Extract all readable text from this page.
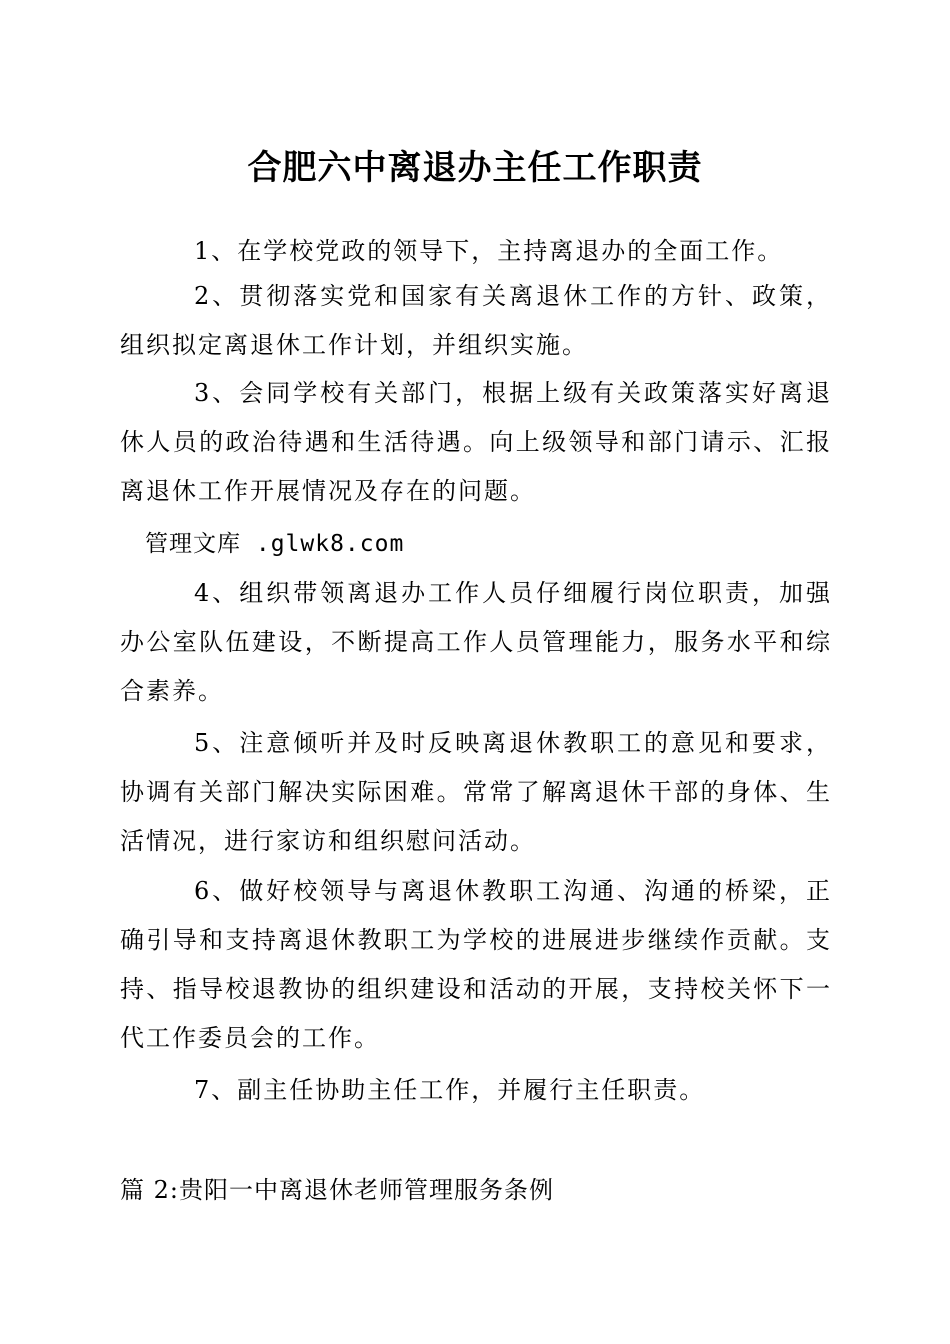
合肥六中离退办主任工作职责
1、在学校党政的领导下，主持离退办的全面工作。
2、贯彻落实党和国家有关离退休工作的方针、政策，组织拟定离退休工作计划，并组织实施。
3、会同学校有关部门，根据上级有关政策落实好离退休人员的政治待遇和生活待遇。向上级领导和部门请示、汇报离退休工作开展情况及存在的问题。
管理文库 .glwk8.com
4、组织带领离退办工作人员仔细履行岗位职责，加强办公室队伍建设，不断提高工作人员管理能力，服务水平和综合素养。
5、注意倾听并及时反映离退休教职工的意见和要求，协调有关部门解决实际困难。常常了解离退休干部的身体、生活情况，进行家访和组织慰问活动。
6、做好校领导与离退休教职工沟通、沟通的桥梁，正确引导和支持离退休教职工为学校的进展进步继续作贡献。支持、指导校退教协的组织建设和活动的开展，支持校关怀下一代工作委员会的工作。
7、副主任协助主任工作，并履行主任职责。
篇 2:贵阳一中离退休老师管理服务条例
